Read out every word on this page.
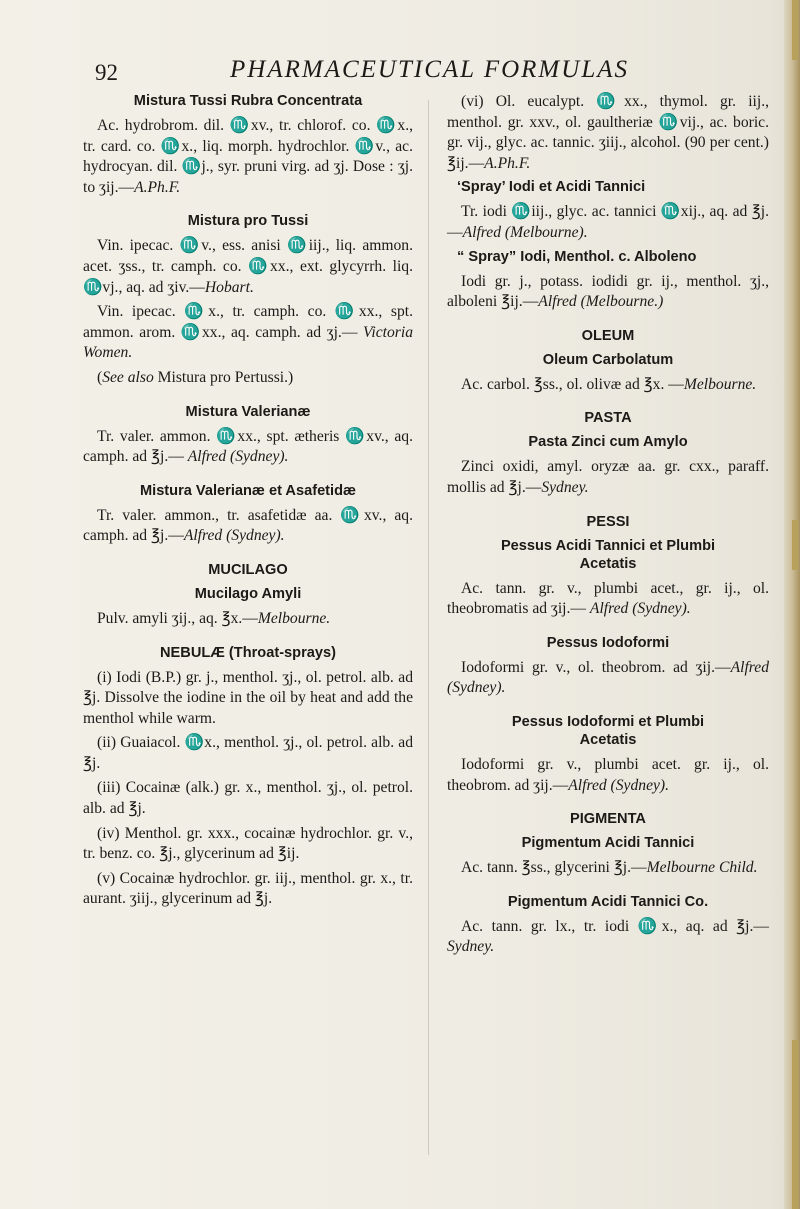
92	PHARMACEUTICAL FORMULAS
Mistura Tussi Rubra Concentrata

Ac. hydrobrom. dil. ♏xv., tr. chlorof. co. ♏x., tr. card. co. ♏x., liq. morph. hydrochlor. ♏v., ac. hydrocyan. dil. ♏j., syr. pruni virg. ad ʒj. Dose : ʒj. to ʒij.—A.Ph.F.

Mistura pro Tussi

Vin. ipecac. ♏v., ess. anisi ♏iij., liq. ammon. acet. ʒss., tr. camph. co. ♏xx., ext. glycyrrh. liq. ♏vj., aq. ad ʒiv.—Hobart.

Vin. ipecac. ♏x., tr. camph. co. ♏xx., spt. ammon. arom. ♏xx., aq. camph. ad ʒj.— Victoria Women.

(See also Mistura pro Pertussi.)

Mistura Valerianæ

Tr. valer. ammon. ♏xx., spt. ætheris ♏xv., aq. camph. ad ℥j.— Alfred (Sydney).

Mistura Valerianæ et Asafetidæ

Tr. valer. ammon., tr. asafetidæ aa. ♏xv., aq. camph. ad ℥j.—Alfred (Sydney).

MUCILAGO
Mucilago Amyli

Pulv. amyli ʒij., aq. ℥x.—Melbourne.

NEBULÆ (Throat-sprays)

(i) Iodi (B.P.) gr. j., menthol. ʒj., ol. petrol. alb. ad ℥j. Dissolve the iodine in the oil by heat and add the menthol while warm.

(ii) Guaiacol. ♏x., menthol. ʒj., ol. petrol. alb. ad ℥j.

(iii) Cocainæ (alk.) gr. x., menthol. ʒj., ol. petrol. alb. ad ℥j.

(iv) Menthol. gr. xxx., cocainæ hydrochlor. gr. v., tr. benz. co. ℥j., glycerinum ad ℥ij.

(v) Cocainæ hydrochlor. gr. iij., menthol. gr. x., tr. aurant. ʒiij., glycerinum ad ℥j.

(vi) Ol. eucalypt. ♏xx., thymol. gr. iij., menthol. gr. xxv., ol. gaultheriæ ♏vij., ac. boric. gr. vij., glyc. ac. tannic. ʒiij., alcohol. (90 per cent.) ℥ij.—A.Ph.F.

‘Spray’ Iodi et Acidi Tannici

Tr. iodi ♏iij., glyc. ac. tannici ♏xij., aq. ad ℥j.—Alfred (Melbourne).

“ Spray” Iodi, Menthol. c. Alboleno

Iodi gr. j., potass. iodidi gr. ij., menthol. ʒj., alboleni ℥ij.—Alfred (Melbourne.)

OLEUM
Oleum Carbolatum

Ac. carbol. ℥ss., ol. olivæ ad ℥x. —Melbourne.

PASTA
Pasta Zinci cum Amylo

Zinci oxidi, amyl. oryzæ aa. gr. cxx., paraff. mollis ad ℥j.—Sydney.

PESSI
Pessus Acidi Tannici et Plumbi
Acetatis

Ac. tann. gr. v., plumbi acet., gr. ij., ol. theobromatis ad ʒij.— Alfred (Sydney).

Pessus Iodoformi

Iodoformi gr. v., ol. theobrom. ad ʒij.—Alfred (Sydney).

Pessus Iodoformi et Plumbi
Acetatis

Iodoformi gr. v., plumbi acet. gr. ij., ol. theobrom. ad ʒij.—Alfred (Sydney).

PIGMENTA
Pigmentum Acidi Tannici

Ac. tann. ℥ss., glycerini ℥j.—Melbourne Child.

Pigmentum Acidi Tannici Co.

Ac. tann. gr. lx., tr. iodi ♏x., aq. ad ℥j.—Sydney.
